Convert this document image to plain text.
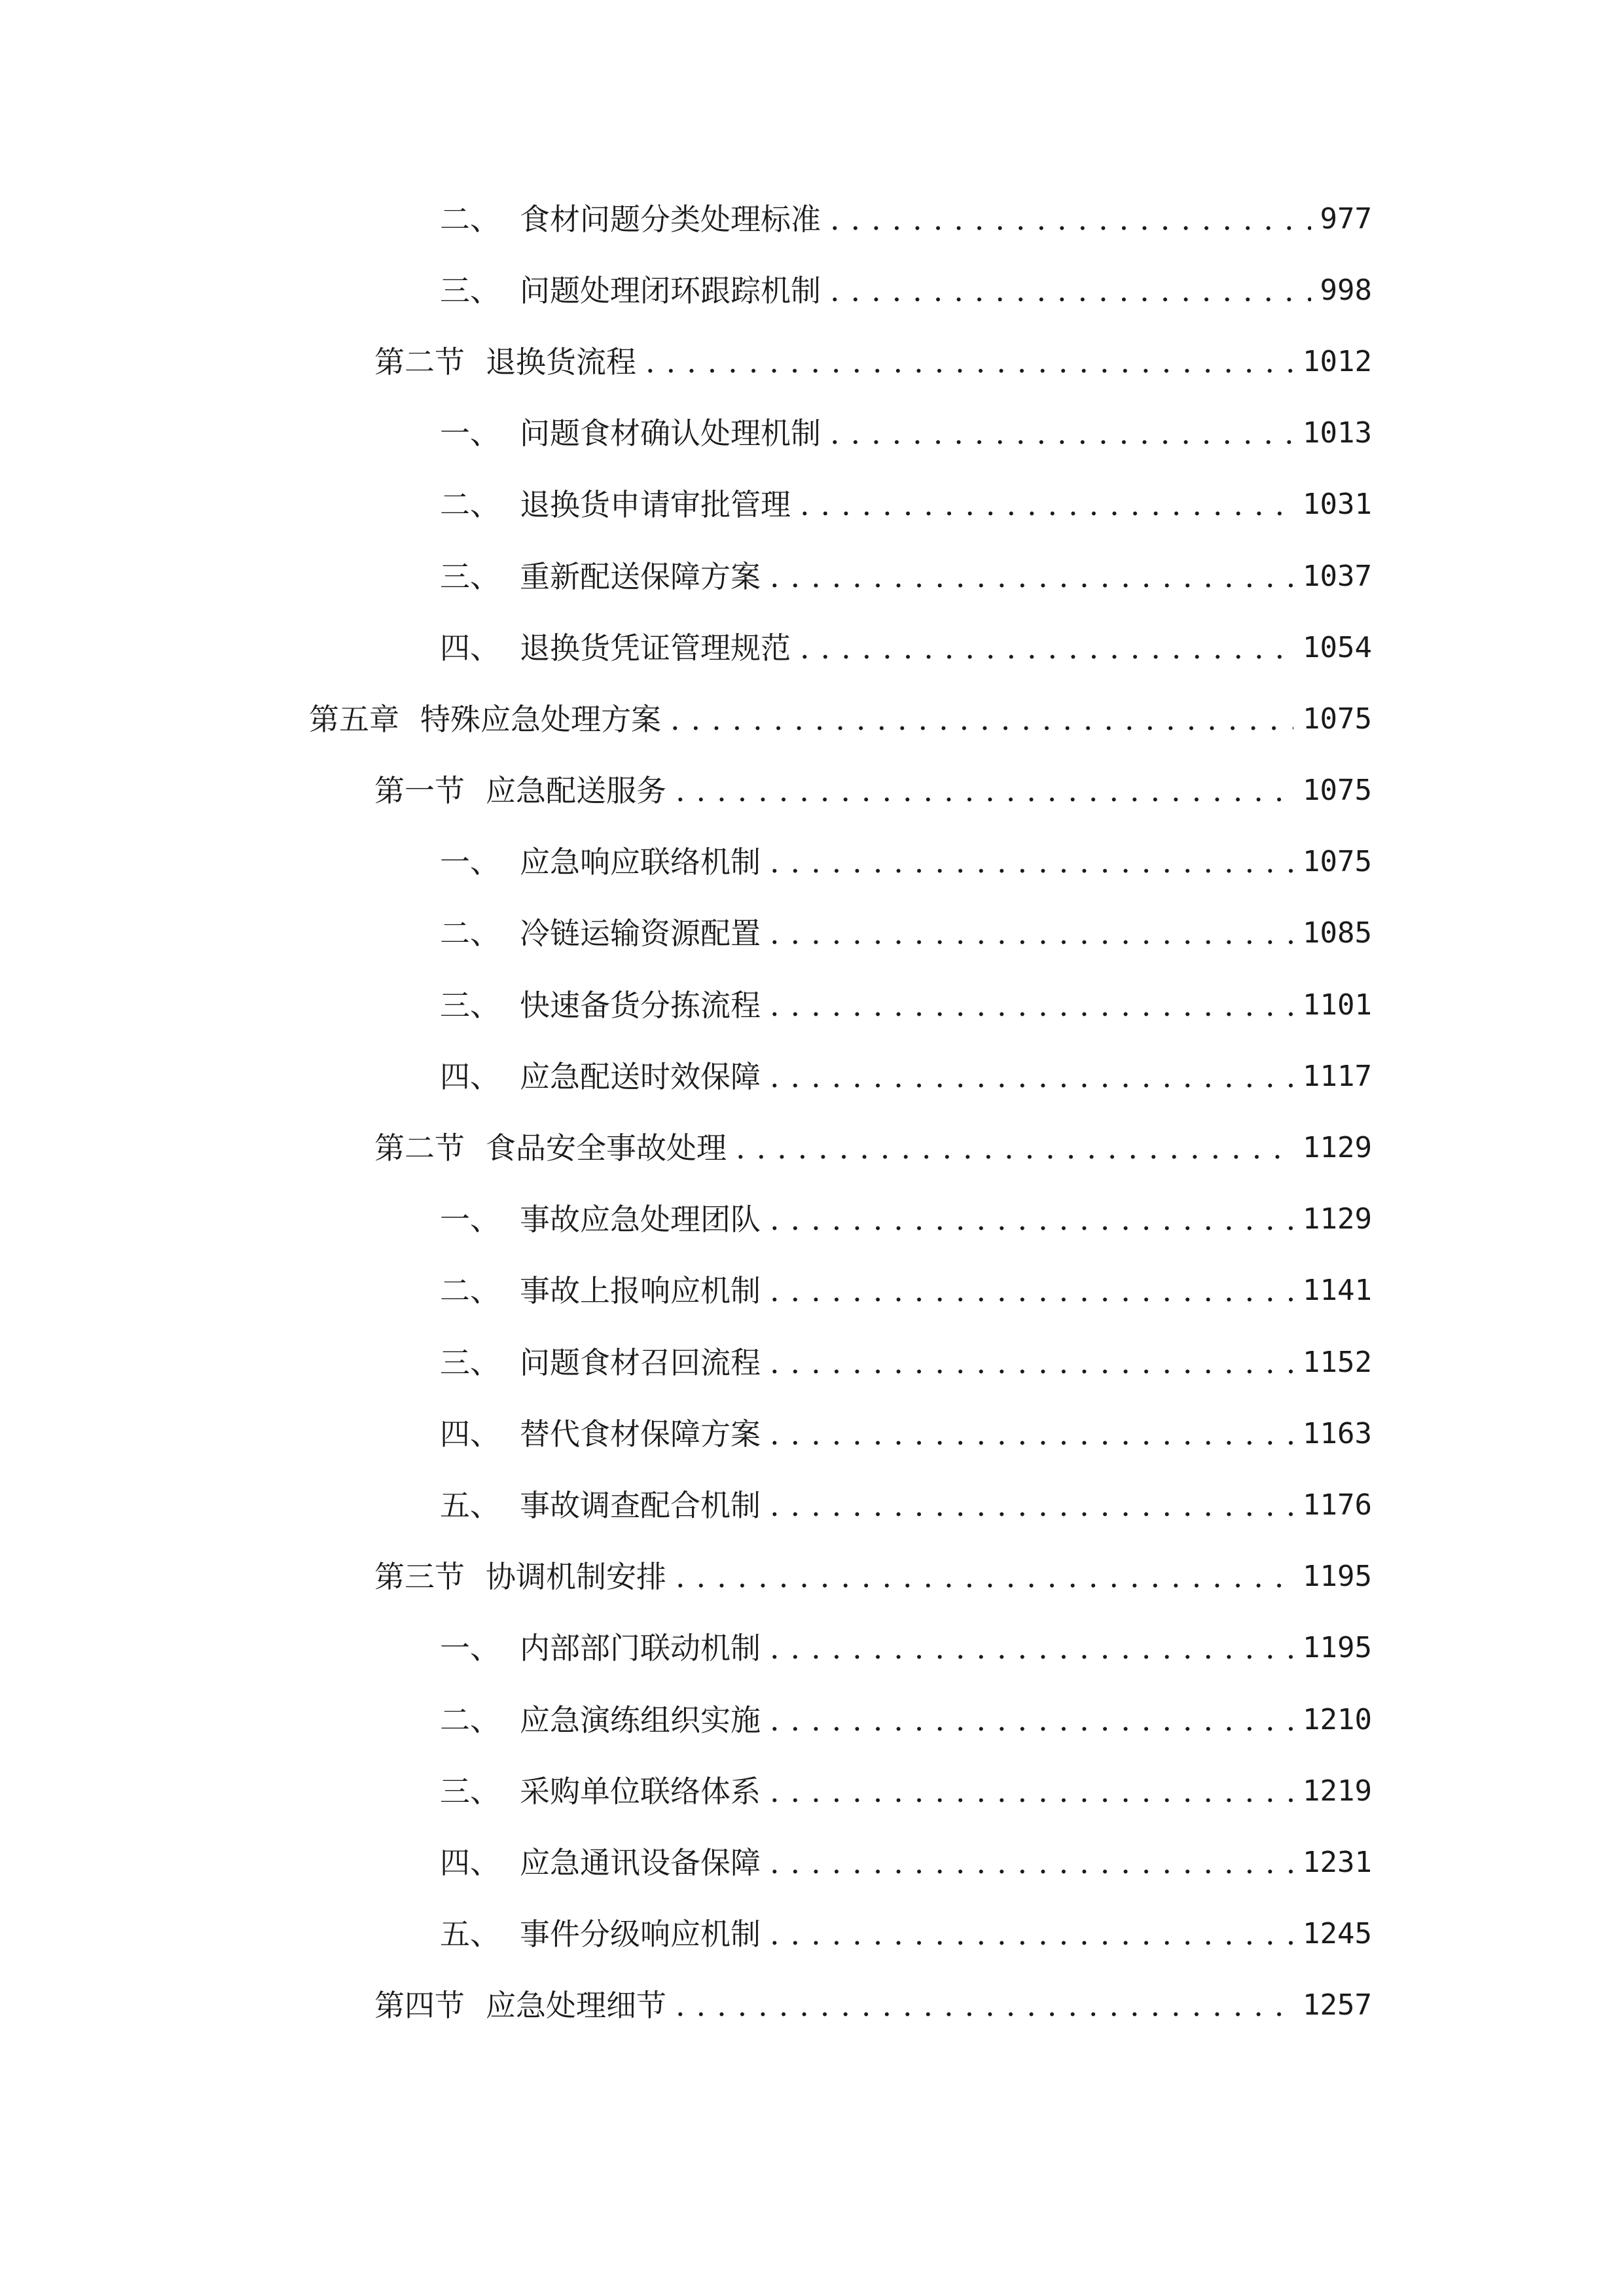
二、 食材问题分类处理标准 . . .	977
三、 问题处理闭环跟踪机制 . . .	998
第二节 退换货流程 . . .	1012
一、 问题食材确认处理机制 . . .	1013
二、 退换货申请审批管理 . . .	1031
三、 重新配送保障方案 . . .	1037
四、 退换货凭证管理规范 . . .	1054
第五章 特殊应急处理方案 . . .	1075
第一节 应急配送服务 . . .	1075
一、 应急响应联络机制 . . .	1075
二、 冷链运输资源配置 . . .	1085
三、 快速备货分拣流程 . . .	1101
四、 应急配送时效保障 . . .	1117
第二节 食品安全事故处理 . . .	1129
一、 事故应急处理团队 . . .	1129
二、 事故上报响应机制 . . .	1141
三、 问题食材召回流程 . . .	1152
四、 替代食材保障方案 . . .	1163
五、 事故调查配合机制 . . .	1176
第三节 协调机制安排 . . .	1195
一、 内部部门联动机制 . . .	1195
二、 应急演练组织实施 . . .	1210
三、 采购单位联络体系 . . .	1219
四、 应急通讯设备保障 . . .	1231
五、 事件分级响应机制 . . .	1245
第四节 应急处理细节 . . .	1257
